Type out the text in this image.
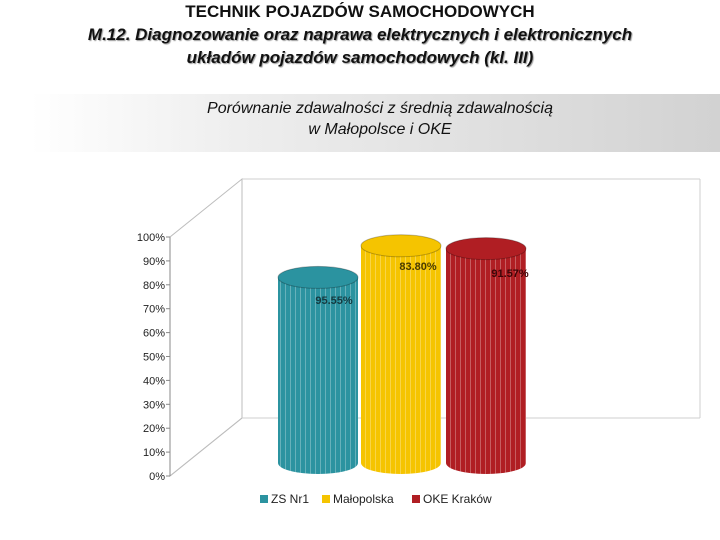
TECHNIK POJAZDÓW SAMOCHODOWYCH
M.12. Diagnozowanie oraz naprawa elektrycznych i elektronicznych
układów pojazdów samochodowych (kl. III)
Porównanie zdawalności z średnią zdawalnością
w Małopolsce i OKE
0%
10%
20%
30%
40%
50%
60%
70%
80%
90%
100%
95.55%
83.80%
91.57%
ZS Nr1 Małopolska OKE Kraków
